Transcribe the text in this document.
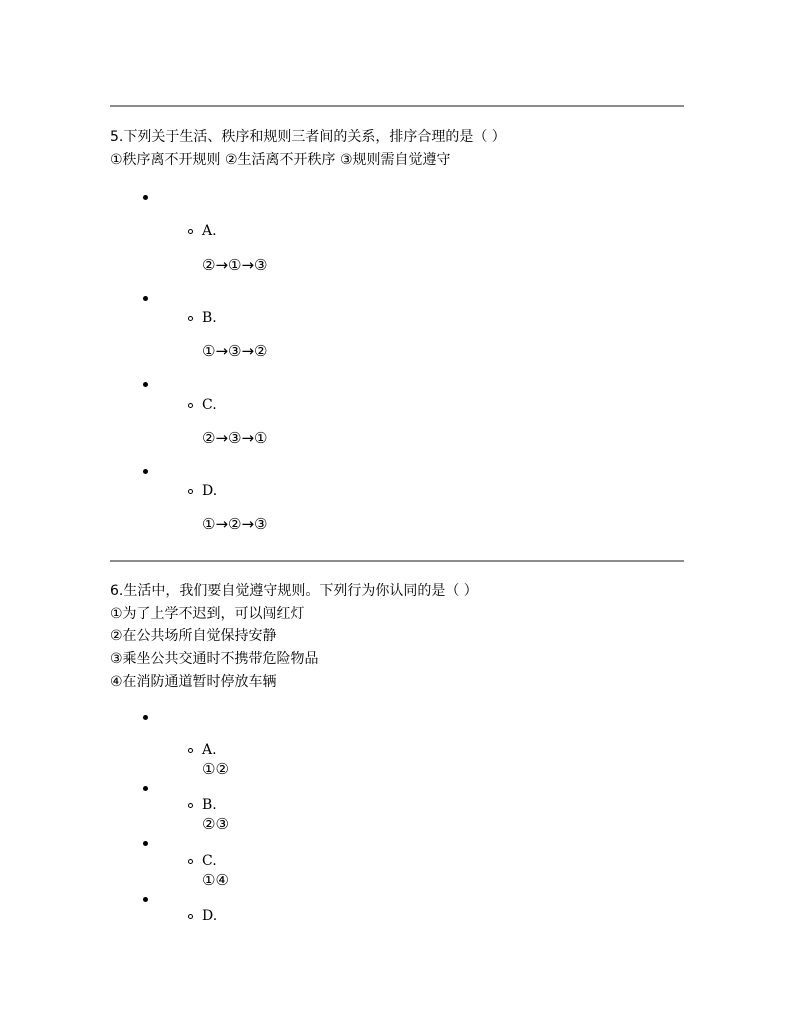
5.下列关于生活、秩序和规则三者间的关系，排序合理的是（ ）
①秩序离不开规则 ②生活离不开秩序 ③规则需自觉遵守
A.
②→①→③
B.
①→③→②
C.
②→③→①
D.
①→②→③
6.生活中，我们要自觉遵守规则。下列行为你认同的是（ ）
①为了上学不迟到，可以闯红灯
②在公共场所自觉保持安静
③乘坐公共交通时不携带危险物品
④在消防通道暂时停放车辆
A.
①②
B.
②③
C.
①④
D.
